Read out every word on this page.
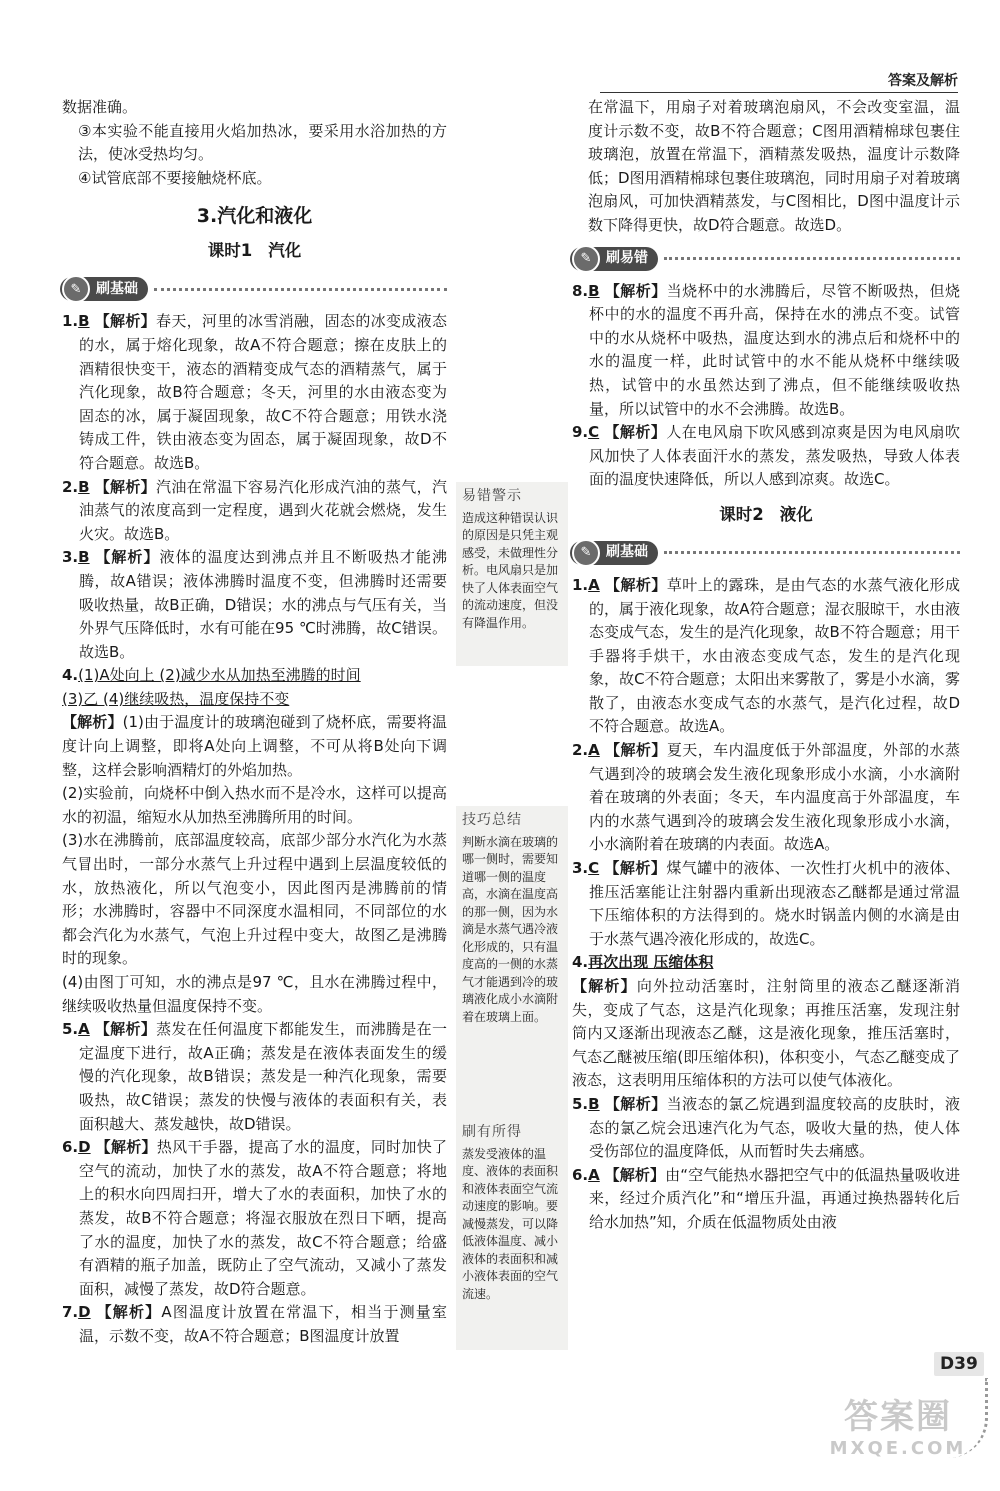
答案及解析

数据准确。

③本实验不能直接用火焰加热冰，要采用水浴加热的方法，使冰受热均匀。

④试管底部不要接触烧杯底。

3.汽化和液化
课时1 汽化
✎	刷基础

1.B 【解析】春天，河里的冰雪消融，固态的冰变成液态的水，属于熔化现象，故A不符合题意；擦在皮肤上的酒精很快变干，液态的酒精变成气态的酒精蒸气，属于汽化现象，故B符合题意；冬天，河里的水由液态变为固态的冰，属于凝固现象，故C不符合题意；用铁水浇铸成工件，铁由液态变为固态，属于凝固现象，故D不符合题意。故选B。

2.B 【解析】汽油在常温下容易汽化形成汽油的蒸气，汽油蒸气的浓度高到一定程度，遇到火花就会燃烧，发生火灾。故选B。

3.B 【解析】液体的温度达到沸点并且不断吸热才能沸腾，故A错误；液体沸腾时温度不变，但沸腾时还需要吸收热量，故B正确，D错误；水的沸点与气压有关，当外界气压降低时，水有可能在95 ℃时沸腾，故C错误。故选B。

4.(1)A处向上 (2)减少水从加热至沸腾的时间

(3)乙 (4)继续吸热，温度保持不变

【解析】(1)由于温度计的玻璃泡碰到了烧杯底，需要将温度计向上调整，即将A处向上调整，不可从将B处向下调整，这样会影响酒精灯的外焰加热。

(2)实验前，向烧杯中倒入热水而不是冷水，这样可以提高水的初温，缩短水从加热至沸腾所用的时间。

(3)水在沸腾前，底部温度较高，底部少部分水汽化为水蒸气冒出时，一部分水蒸气上升过程中遇到上层温度较低的水，放热液化，所以气泡变小，因此图丙是沸腾前的情形；水沸腾时，容器中不同深度水温相同，不同部位的水都会汽化为水蒸气，气泡上升过程中变大，故图乙是沸腾时的现象。

(4)由图丁可知，水的沸点是97 ℃，且水在沸腾过程中，继续吸收热量但温度保持不变。

5.A 【解析】蒸发在任何温度下都能发生，而沸腾是在一定温度下进行，故A正确；蒸发是在液体表面发生的缓慢的汽化现象，故B错误；蒸发是一种汽化现象，需要吸热，故C错误；蒸发的快慢与液体的表面积有关，表面积越大、蒸发越快，故D错误。

6.D 【解析】热风干手器，提高了水的温度，同时加快了空气的流动，加快了水的蒸发，故A不符合题意；将地上的积水向四周扫开，增大了水的表面积，加快了水的蒸发，故B不符合题意；将湿衣服放在烈日下晒，提高了水的温度，加快了水的蒸发，故C不符合题意；给盛有酒精的瓶子加盖，既防止了空气流动，又减小了蒸发面积，减慢了蒸发，故D符合题意。

7.D 【解析】A图温度计放置在常温下，相当于测量室温，示数不变，故A不符合题意；B图温度计放置

易错警示
造成这种错误认识的原因是只凭主观感受，未做理性分析。电风扇只是加快了人体表面空气的流动速度，但没有降温作用。
技巧总结
判断水滴在玻璃的哪一侧时，需要知道哪一侧的温度高，水滴在温度高的那一侧，因为水滴是水蒸气遇冷液化形成的，只有温度高的一侧的水蒸气才能遇到冷的玻璃液化成小水滴附着在玻璃上面。
刷有所得
蒸发受液体的温度、液体的表面积和液体表面空气流动速度的影响。要减慢蒸发，可以降低液体温度、减小液体的表面积和减小液体表面的空气流速。

在常温下，用扇子对着玻璃泡扇风，不会改变室温，温度计示数不变，故B不符合题意；C图用酒精棉球包裹住玻璃泡，放置在常温下，酒精蒸发吸热，温度计示数降低；D图用酒精棉球包裹住玻璃泡，同时用扇子对着玻璃泡扇风，可加快酒精蒸发，与C图相比，D图中温度计示数下降得更快，故D符合题意。故选D。

✎	刷易错

8.B 【解析】当烧杯中的水沸腾后，尽管不断吸热，但烧杯中的水的温度不再升高，保持在水的沸点不变。试管中的水从烧杯中吸热，温度达到水的沸点后和烧杯中的水的温度一样，此时试管中的水不能从烧杯中继续吸热，试管中的水虽然达到了沸点，但不能继续吸收热量，所以试管中的水不会沸腾。故选B。

9.C 【解析】人在电风扇下吹风感到凉爽是因为电风扇吹风加快了人体表面汗水的蒸发，蒸发吸热，导致人体表面的温度快速降低，所以人感到凉爽。故选C。

课时2 液化
✎	刷基础

1.A 【解析】草叶上的露珠，是由气态的水蒸气液化形成的，属于液化现象，故A符合题意；湿衣服晾干，水由液态变成气态，发生的是汽化现象，故B不符合题意；用干手器将手烘干，水由液态变成气态，发生的是汽化现象，故C不符合题意；太阳出来雾散了，雾是小水滴，雾散了，由液态水变成气态的水蒸气，是汽化过程，故D不符合题意。故选A。

2.A 【解析】夏天，车内温度低于外部温度，外部的水蒸气遇到冷的玻璃会发生液化现象形成小水滴，小水滴附着在玻璃的外表面；冬天，车内温度高于外部温度，车内的水蒸气遇到冷的玻璃会发生液化现象形成小水滴，小水滴附着在玻璃的内表面。故选A。

3.C 【解析】煤气罐中的液体、一次性打火机中的液体、推压活塞能让注射器内重新出现液态乙醚都是通过常温下压缩体积的方法得到的。烧水时锅盖内侧的水滴是由于水蒸气遇冷液化形成的，故选C。

4.再次出现 压缩体积

【解析】向外拉动活塞时，注射筒里的液态乙醚逐渐消失，变成了气态，这是汽化现象；再推压活塞，发现注射筒内又逐渐出现液态乙醚，这是液化现象，推压活塞时，气态乙醚被压缩(即压缩体积)，体积变小，气态乙醚变成了液态，这表明用压缩体积的方法可以使气体液化。

5.B 【解析】当液态的氯乙烷遇到温度较高的皮肤时，液态的氯乙烷会迅速汽化为气态，吸收大量的热，使人体受伤部位的温度降低，从而暂时失去痛感。

6.A 【解析】由“空气能热水器把空气中的低温热量吸收进来，经过介质汽化”和“增压升温，再通过换热器转化后给水加热”知，介质在低温物质处由液

D39
答案圈
MXQE.COM
